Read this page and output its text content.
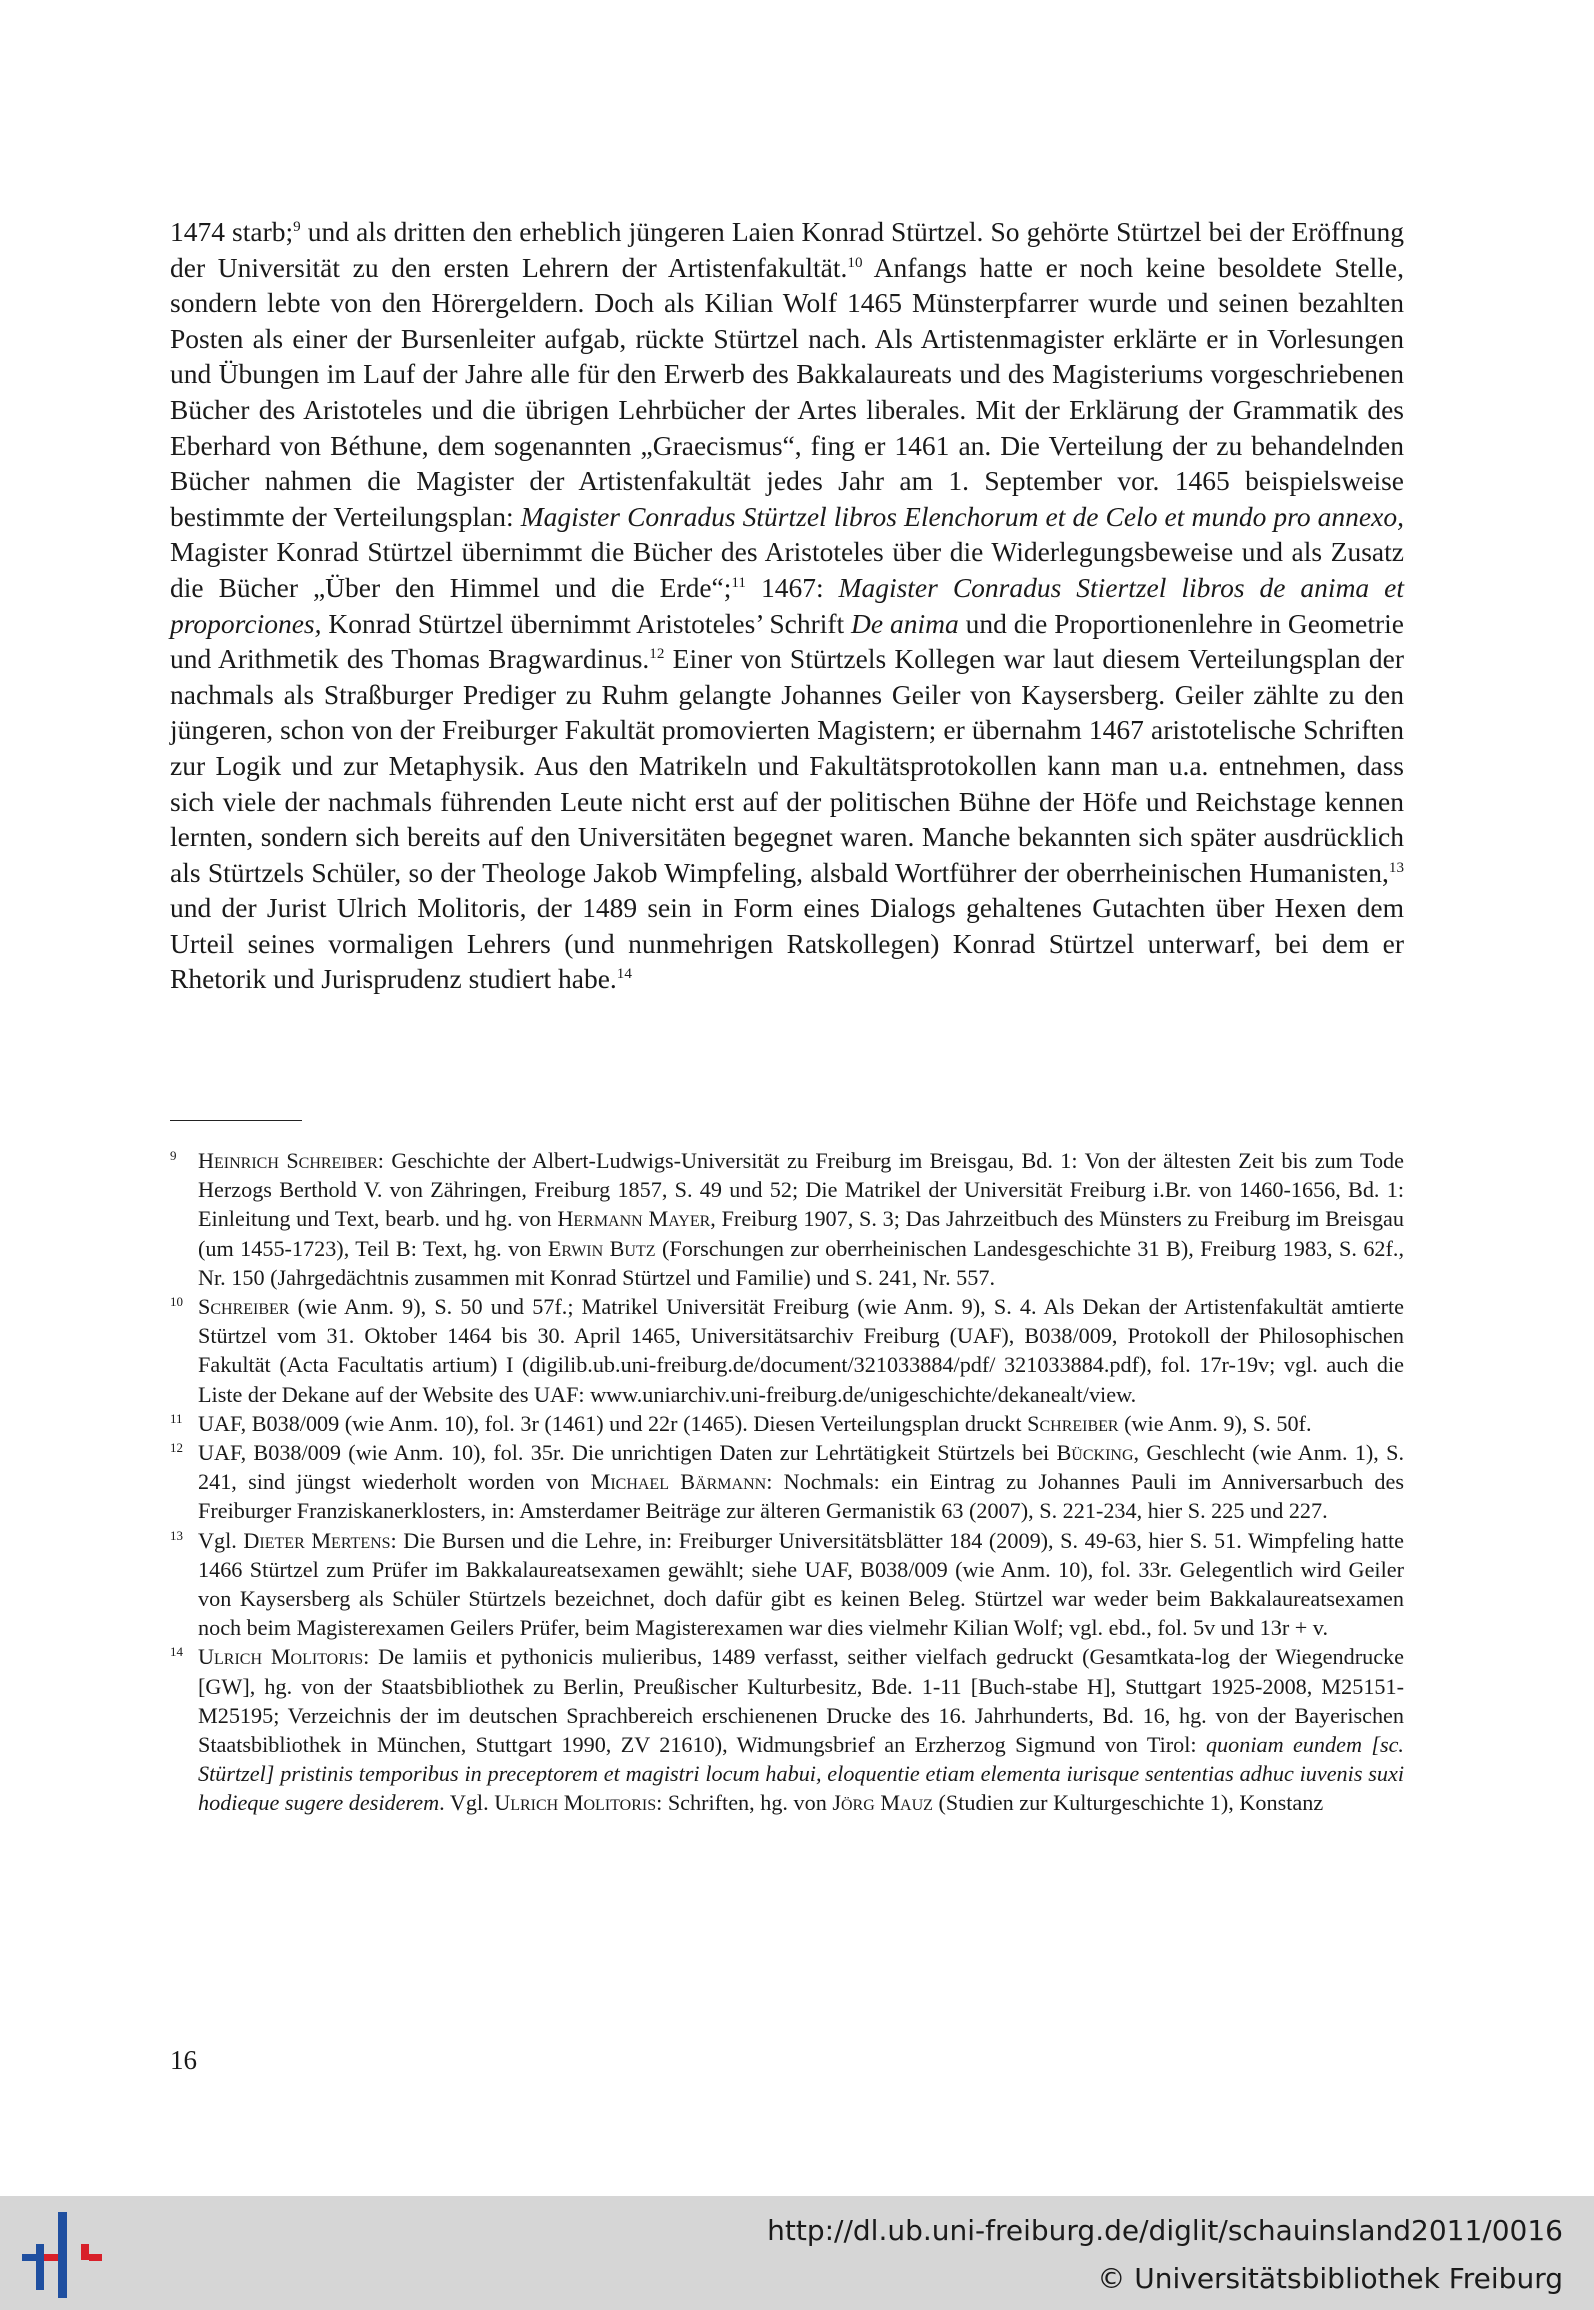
1474 starb;$^9$ und als dritten den erheblich jüngeren Laien Konrad Stürtzel. So gehörte Stürtzel bei der Eröffnung der Universität zu den ersten Lehrern der Artistenfakultät.$^{10}$ Anfangs hatte er noch keine besoldete Stelle, sondern lebte von den Hörergeldern. Doch als Kilian Wolf 1465 Münsterpfarrer wurde und seinen bezahlten Posten als einer der Bursenleiter aufgab, rückte Stürtzel nach. Als Artistenmagister erklärte er in Vorlesungen und Übungen im Lauf der Jahre alle für den Erwerb des Bakkalaureats und des Magisteriums vorgeschriebenen Bücher des Aristoteles und die übrigen Lehrbücher der Artes liberales. Mit der Erklärung der Grammatik des Eberhard von Béthune, dem sogenannten „Graecismus“, fing er 1461 an. Die Verteilung der zu behandelnden Bücher nahmen die Magister der Artistenfakultät jedes Jahr am 1. September vor. 1465 beispielsweise bestimmte der Verteilungsplan: Magister Conradus Stürtzel libros Elenchorum et de Celo et mundo pro annexo, Magister Konrad Stürtzel übernimmt die Bücher des Aristoteles über die Widerlegungsbeweise und als Zusatz die Bücher „Über den Himmel und die Erde“;$^{11}$ 1467: Magister Conradus Stiertzel libros de anima et proporciones, Konrad Stürtzel übernimmt Aristoteles’ Schrift De anima und die Proportionenlehre in Geometrie und Arithmetik des Thomas Bragwardinus.$^{12}$ Einer von Stürtzels Kollegen war laut diesem Verteilungsplan der nachmals als Straßburger Prediger zu Ruhm gelangte Johannes Geiler von Kaysersberg. Geiler zählte zu den jüngeren, schon von der Freiburger Fakultät promovierten Magistern; er übernahm 1467 aristotelische Schriften zur Logik und zur Metaphysik. Aus den Matrikeln und Fakultätsprotokollen kann man u.a. entnehmen, dass sich viele der nachmals führenden Leute nicht erst auf der politischen Bühne der Höfe und Reichstage kennen lernten, sondern sich bereits auf den Universitäten begegnet waren. Manche bekannten sich später ausdrücklich als Stürtzels Schüler, so der Theologe Jakob Wimpfeling, alsbald Wortführer der oberrheinischen Humanisten,$^{13}$ und der Jurist Ulrich Molitoris, der 1489 sein in Form eines Dialogs gehaltenes Gutachten über Hexen dem Urteil seines vormaligen Lehrers (und nunmehrigen Ratskollegen) Konrad Stürtzel unterwarf, bei dem er Rhetorik und Jurisprudenz studiert habe.$^{14}$

9 Heinrich Schreiber: Geschichte der Albert-Ludwigs-Universität zu Freiburg im Breisgau, Bd. 1: Von der ältesten Zeit bis zum Tode Herzogs Berthold V. von Zähringen, Freiburg 1857, S. 49 und 52; Die Matrikel der Universität Freiburg i.Br. von 1460-1656, Bd. 1: Einleitung und Text, bearb. und hg. von Hermann Mayer, Freiburg 1907, S. 3; Das Jahrzeitbuch des Münsters zu Freiburg im Breisgau (um 1455-1723), Teil B: Text, hg. von Erwin Butz (Forschungen zur oberrheinischen Landesgeschichte 31 B), Freiburg 1983, S. 62f., Nr. 150 (Jahrgedächtnis zusammen mit Konrad Stürtzel und Familie) und S. 241, Nr. 557.

10 Schreiber (wie Anm. 9), S. 50 und 57f.; Matrikel Universität Freiburg (wie Anm. 9), S. 4. Als Dekan der Artistenfakultät amtierte Stürtzel vom 31. Oktober 1464 bis 30. April 1465, Universitätsarchiv Freiburg (UAF), B038/009, Protokoll der Philosophischen Fakultät (Acta Facultatis artium) I (digilib.ub.uni-freiburg.de/document/321033884/pdf/ 321033884.pdf), fol. 17r-19v; vgl. auch die Liste der Dekane auf der Website des UAF: www.uniarchiv.uni-freiburg.de/unigeschichte/dekanealt/view.

11 UAF, B038/009 (wie Anm. 10), fol. 3r (1461) und 22r (1465). Diesen Verteilungsplan druckt Schreiber (wie Anm. 9), S. 50f.

12 UAF, B038/009 (wie Anm. 10), fol. 35r. Die unrichtigen Daten zur Lehrtätigkeit Stürtzels bei Bücking, Geschlecht (wie Anm. 1), S. 241, sind jüngst wiederholt worden von Michael Bärmann: Nochmals: ein Eintrag zu Johannes Pauli im Anniversarbuch des Freiburger Franziskanerklosters, in: Amsterdamer Beiträge zur älteren Germanistik 63 (2007), S. 221-234, hier S. 225 und 227.

13 Vgl. Dieter Mertens: Die Bursen und die Lehre, in: Freiburger Universitätsblätter 184 (2009), S. 49-63, hier S. 51. Wimpfeling hatte 1466 Stürtzel zum Prüfer im Bakkalaureatsexamen gewählt; siehe UAF, B038/009 (wie Anm. 10), fol. 33r. Gelegentlich wird Geiler von Kaysersberg als Schüler Stürtzels bezeichnet, doch dafür gibt es keinen Beleg. Stürtzel war weder beim Bakkalaureatsexamen noch beim Magisterexamen Geilers Prüfer, beim Magisterexamen war dies vielmehr Kilian Wolf; vgl. ebd., fol. 5v und 13r + v.

14 Ulrich Molitoris: De lamiis et pythonicis mulieribus, 1489 verfasst, seither vielfach gedruckt (Gesamtkata-log der Wiegendrucke [GW], hg. von der Staatsbibliothek zu Berlin, Preußischer Kulturbesitz, Bde. 1-11 [Buch-stabe H], Stuttgart 1925-2008, M25151-M25195; Verzeichnis der im deutschen Sprachbereich erschienenen Drucke des 16. Jahrhunderts, Bd. 16, hg. von der Bayerischen Staatsbibliothek in München, Stuttgart 1990, ZV 21610), Widmungsbrief an Erzherzog Sigmund von Tirol: quoniam eundem [sc. Stürtzel] pristinis temporibus in preceptorem et magistri locum habui, eloquentie etiam elementa iurisque sententias adhuc iuvenis suxi hodieque sugere desiderem. Vgl. Ulrich Molitoris: Schriften, hg. von Jörg Mauz (Studien zur Kulturgeschichte 1), Konstanz

16
http://dl.ub.uni-freiburg.de/diglit/schauinsland2011/0016
© Universitätsbibliothek Freiburg
